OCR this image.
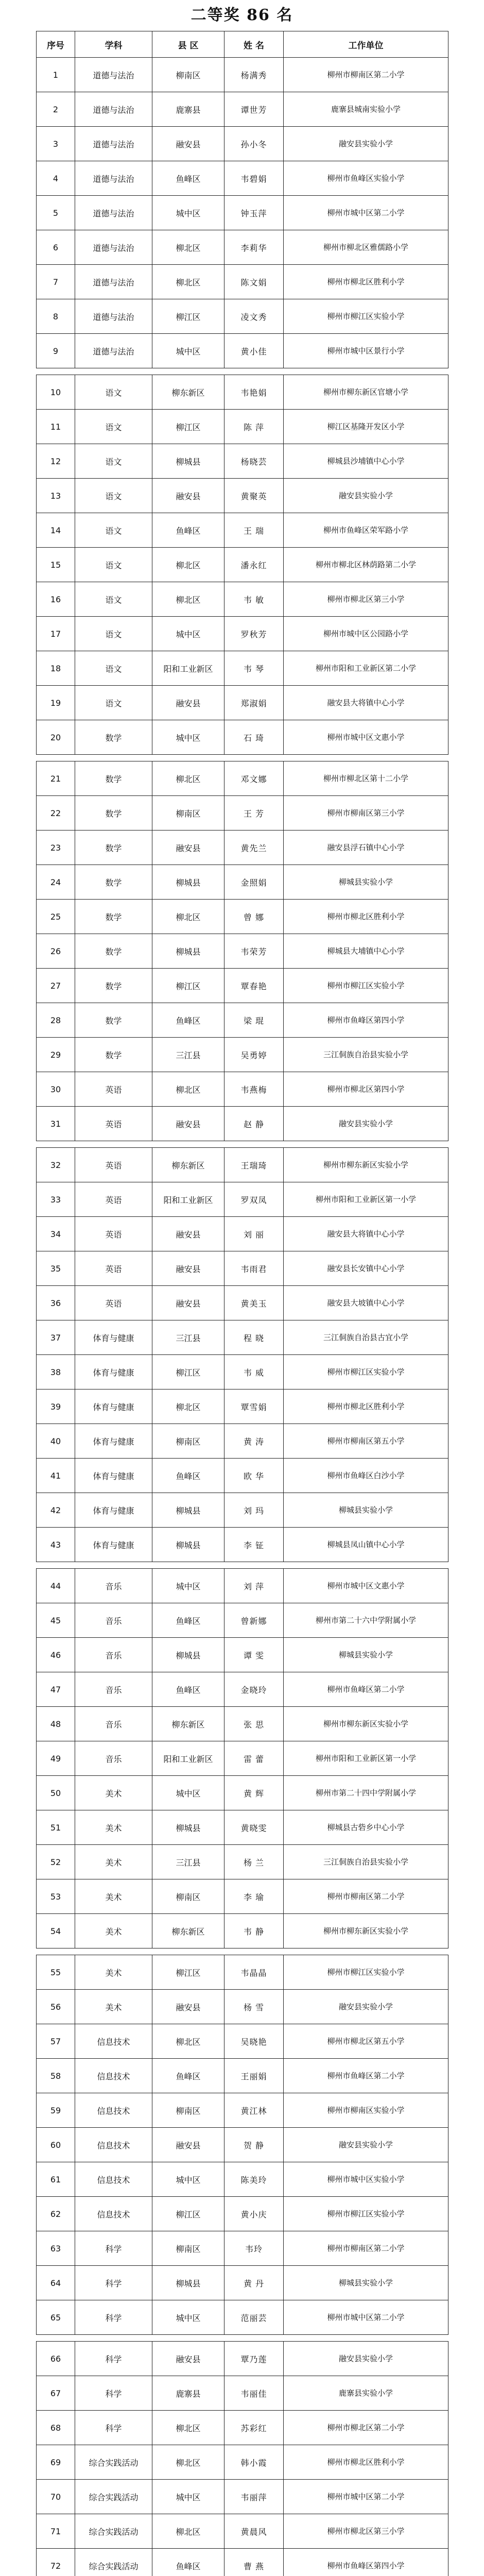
二等奖 86 名
序号	学科	县 区	姓 名	工作单位
1	道德与法治	柳南区	杨满秀	柳州市柳南区第二小学
2	道德与法治	鹿寨县	谭世芳	鹿寨县城南实验小学
3	道德与法治	融安县	孙小冬	融安县实验小学
4	道德与法治	鱼峰区	韦碧娟	柳州市鱼峰区实验小学
5	道德与法治	城中区	钟玉萍	柳州市城中区第二小学
6	道德与法治	柳北区	李莉华	柳州市柳北区雅儒路小学
7	道德与法治	柳北区	陈文娟	柳州市柳北区胜利小学
8	道德与法治	柳江区	凌文秀	柳州市柳江区实验小学
9	道德与法治	城中区	黄小佳	柳州市城中区景行小学

10	语文	柳东新区	韦艳娟	柳州市柳东新区官塘小学
11	语文	柳江区	陈 萍	柳江区基隆开发区小学
12	语文	柳城县	杨晓芸	柳城县沙埔镇中心小学
13	语文	融安县	黄聚英	融安县实验小学
14	语文	鱼峰区	王 瑞	柳州市鱼峰区荣军路小学
15	语文	柳北区	潘永红	柳州市柳北区林荫路第二小学
16	语文	柳北区	韦 敏	柳州市柳北区第三小学
17	语文	城中区	罗秋芳	柳州市城中区公园路小学
18	语文	阳和工业新区	韦 琴	柳州市阳和工业新区第二小学
19	语文	融安县	郑淑娟	融安县大将镇中心小学
20	数学	城中区	石 琦	柳州市城中区文惠小学

21	数学	柳北区	邓文娜	柳州市柳北区第十二小学
22	数学	柳南区	王 芳	柳州市柳南区第三小学
23	数学	融安县	黄先兰	融安县浮石镇中心小学
24	数学	柳城县	金照娟	柳城县实验小学
25	数学	柳北区	曾 娜	柳州市柳北区胜利小学
26	数学	柳城县	韦荣芳	柳城县大埔镇中心小学
27	数学	柳江区	覃春艳	柳州市柳江区实验小学
28	数学	鱼峰区	梁 琨	柳州市鱼峰区第四小学
29	数学	三江县	吴勇婷	三江侗族自治县实验小学
30	英语	柳北区	韦燕梅	柳州市柳北区第四小学
31	英语	融安县	赵 静	融安县实验小学

32	英语	柳东新区	王瑞琦	柳州市柳东新区实验小学
33	英语	阳和工业新区	罗双凤	柳州市阳和工业新区第一小学
34	英语	融安县	刘 丽	融安县大将镇中心小学
35	英语	融安县	韦雨君	融安县长安镇中心小学
36	英语	融安县	黄美玉	融安县大坡镇中心小学
37	体育与健康	三江县	程 晓	三江侗族自治县古宜小学
38	体育与健康	柳江区	韦 威	柳州市柳江区实验小学
39	体育与健康	柳北区	覃雪娟	柳州市柳北区胜利小学
40	体育与健康	柳南区	黄 涛	柳州市柳南区第五小学
41	体育与健康	鱼峰区	欧 华	柳州市鱼峰区白沙小学
42	体育与健康	柳城县	刘 玛	柳城县实验小学
43	体育与健康	柳城县	李 钲	柳城县凤山镇中心小学

44	音乐	城中区	刘 萍	柳州市城中区文惠小学
45	音乐	鱼峰区	曾新娜	柳州市第二十六中学附属小学
46	音乐	柳城县	谭 雯	柳城县实验小学
47	音乐	鱼峰区	金晓玲	柳州市鱼峰区第二小学
48	音乐	柳东新区	张 思	柳州市柳东新区实验小学
49	音乐	阳和工业新区	雷 蕾	柳州市阳和工业新区第一小学
50	美术	城中区	黄 辉	柳州市第二十四中学附属小学
51	美术	柳城县	黄晓雯	柳城县古砦乡中心小学
52	美术	三江县	杨 兰	三江侗族自治县实验小学
53	美术	柳南区	李 瑜	柳州市柳南区第二小学
54	美术	柳东新区	韦 静	柳州市柳东新区实验小学

55	美术	柳江区	韦晶晶	柳州市柳江区实验小学
56	美术	融安县	杨 雪	融安县实验小学
57	信息技术	柳北区	吴晓艳	柳州市柳北区第五小学
58	信息技术	鱼峰区	王丽娟	柳州市鱼峰区第二小学
59	信息技术	柳南区	黄江林	柳州市柳南区实验小学
60	信息技术	融安县	贺 静	融安县实验小学
61	信息技术	城中区	陈美玲	柳州市城中区实验小学
62	信息技术	柳江区	黄小庆	柳州市柳江区实验小学
63	科学	柳南区	韦玲	柳州市柳南区第二小学
64	科学	柳城县	黄 丹	柳城县实验小学
65	科学	城中区	范丽芸	柳州市城中区第二小学

66	科学	融安县	覃乃莲	融安县实验小学
67	科学	鹿寨县	韦丽佳	鹿寨县实验小学
68	科学	柳北区	苏彩红	柳州市柳北区第二小学
69	综合实践活动	柳北区	韩小霞	柳州市柳北区胜利小学
70	综合实践活动	城中区	韦丽萍	柳州市城中区第二小学
71	综合实践活动	柳北区	黄晨风	柳州市柳北区第三小学
72	综合实践活动	鱼峰区	曹 燕	柳州市鱼峰区第四小学
